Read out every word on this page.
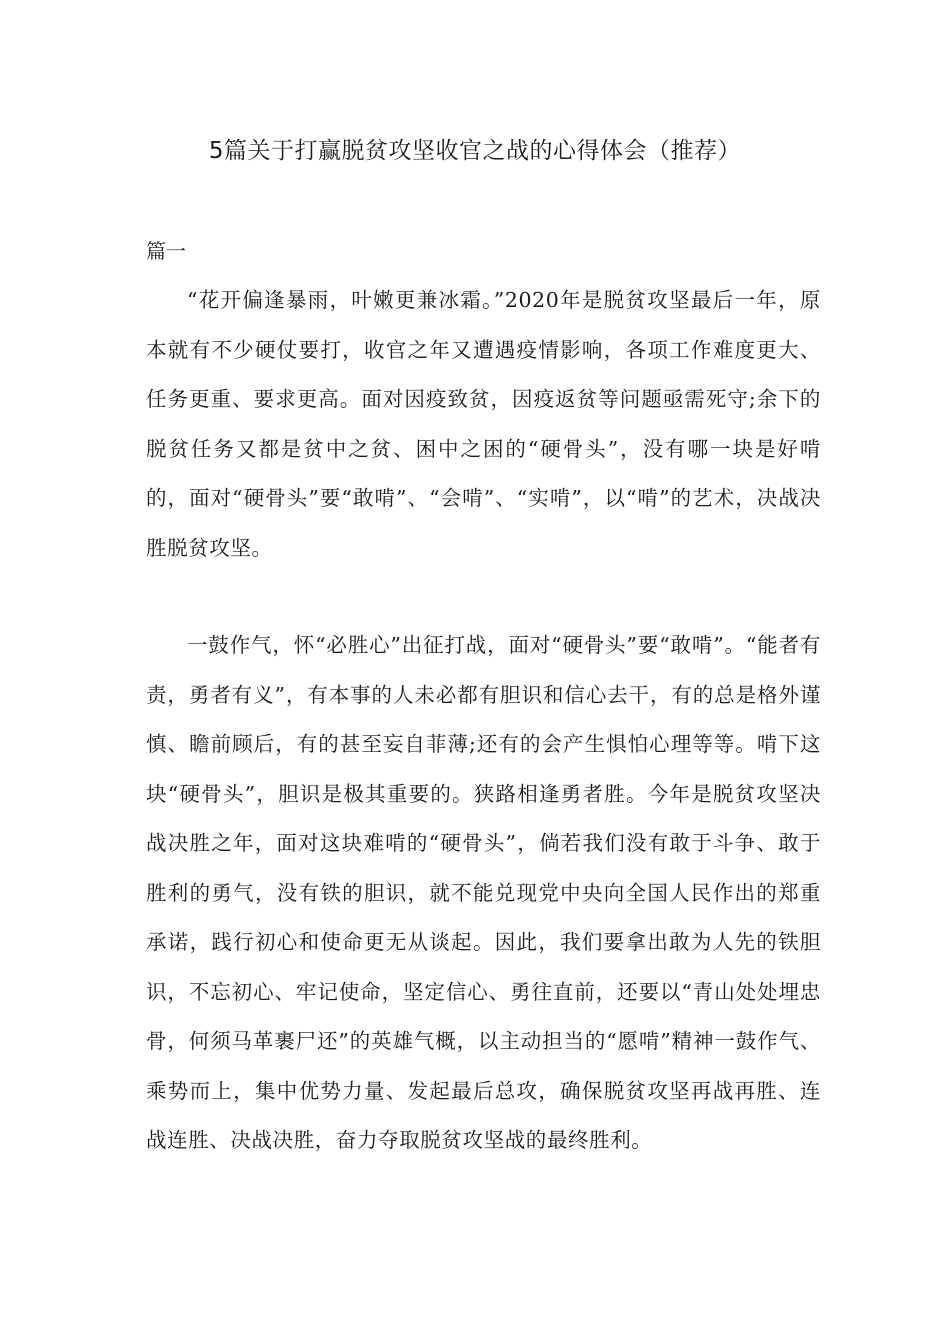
5篇关于打赢脱贫攻坚收官之战的心得体会（推荐）

篇一

“花开偏逢暴雨，叶嫩更兼冰霜。”2020年是脱贫攻坚最后一年，原本就有不少硬仗要打，收官之年又遭遇疫情影响，各项工作难度更大、任务更重、要求更高。面对因疫致贫，因疫返贫等问题亟需死守;余下的脱贫任务又都是贫中之贫、困中之困的“硬骨头”，没有哪一块是好啃的，面对“硬骨头”要“敢啃”、“会啃”、“实啃”，以“啃”的艺术，决战决胜脱贫攻坚。

一鼓作气，怀“必胜心”出征打战，面对“硬骨头”要“敢啃”。“能者有责，勇者有义”，有本事的人未必都有胆识和信心去干，有的总是格外谨慎、瞻前顾后，有的甚至妄自菲薄;还有的会产生惧怕心理等等。啃下这块“硬骨头”，胆识是极其重要的。狭路相逢勇者胜。今年是脱贫攻坚决战决胜之年，面对这块难啃的“硬骨头”，倘若我们没有敢于斗争、敢于胜利的勇气，没有铁的胆识，就不能兑现党中央向全国人民作出的郑重承诺，践行初心和使命更无从谈起。因此，我们要拿出敢为人先的铁胆识，不忘初心、牢记使命，坚定信心、勇往直前，还要以“青山处处埋忠骨，何须马革裹尸还”的英雄气概，以主动担当的“愿啃”精神一鼓作气、乘势而上，集中优势力量、发起最后总攻，确保脱贫攻坚再战再胜、连战连胜、决战决胜，奋力夺取脱贫攻坚战的最终胜利。
